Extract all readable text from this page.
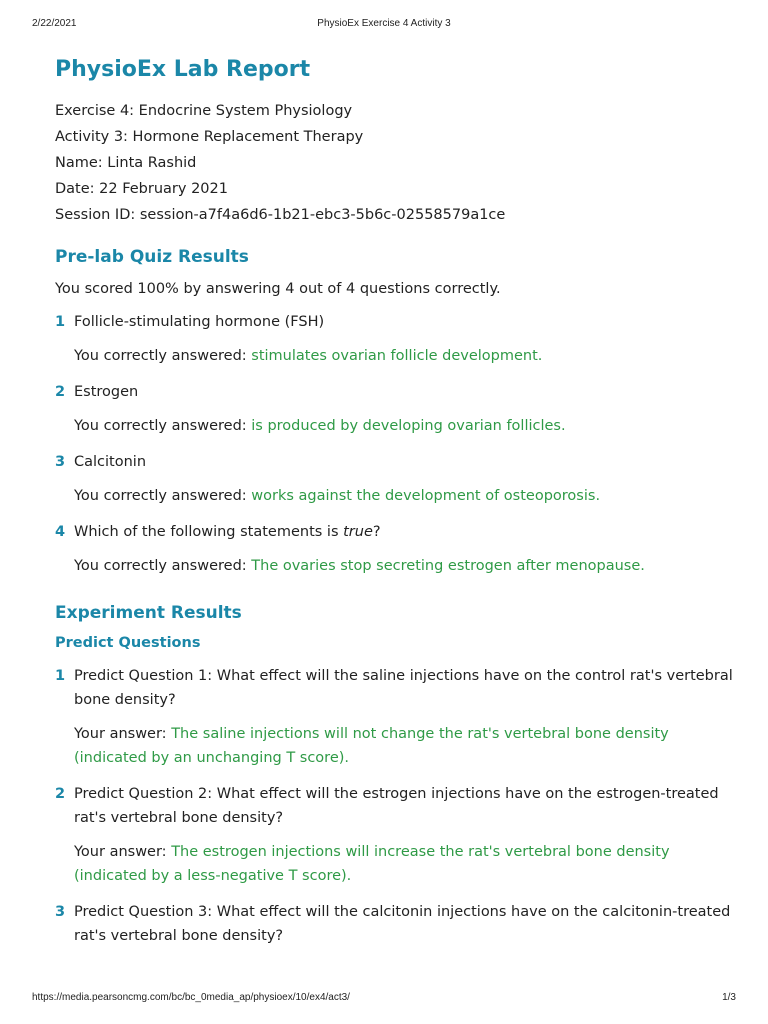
2/22/2021	PhysioEx Exercise 4 Activity 3
PhysioEx Lab Report
Exercise 4: Endocrine System Physiology
Activity 3: Hormone Replacement Therapy
Name: Linta Rashid
Date: 22 February 2021
Session ID: session-a7f4a6d6-1b21-ebc3-5b6c-02558579a1ce
Pre-lab Quiz Results
You scored 100% by answering 4 out of 4 questions correctly.
1 Follicle-stimulating hormone (FSH)
You correctly answered: stimulates ovarian follicle development.
2 Estrogen
You correctly answered: is produced by developing ovarian follicles.
3 Calcitonin
You correctly answered: works against the development of osteoporosis.
4 Which of the following statements is true?
You correctly answered: The ovaries stop secreting estrogen after menopause.
Experiment Results
Predict Questions
1 Predict Question 1: What effect will the saline injections have on the control rat's vertebral bone density?
Your answer: The saline injections will not change the rat's vertebral bone density (indicated by an unchanging T score).
2 Predict Question 2: What effect will the estrogen injections have on the estrogen-treated rat's vertebral bone density?
Your answer: The estrogen injections will increase the rat's vertebral bone density (indicated by a less-negative T score).
3 Predict Question 3: What effect will the calcitonin injections have on the calcitonin-treated rat's vertebral bone density?
https://media.pearsoncmg.com/bc/bc_0media_ap/physioex/10/ex4/act3/	1/3
